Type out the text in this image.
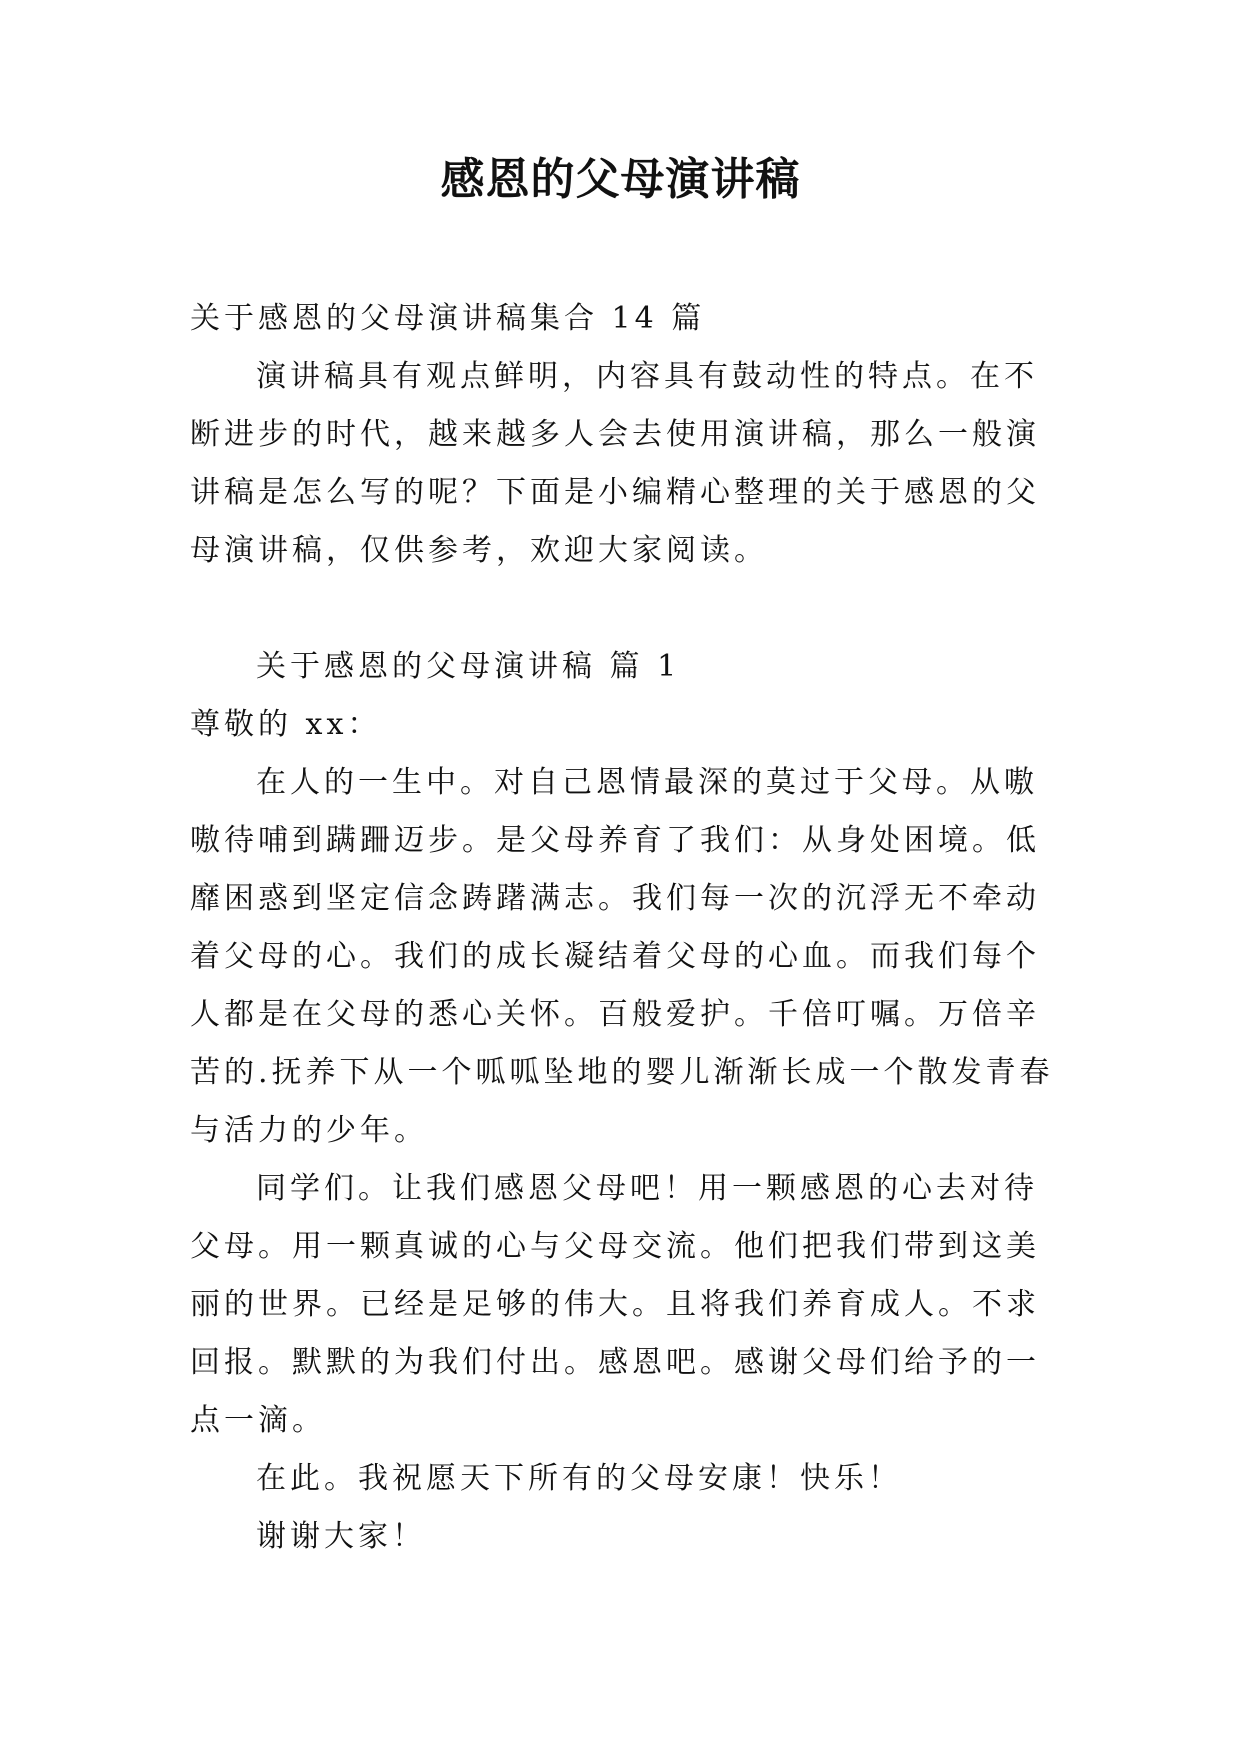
感恩的父母演讲稿

关于感恩的父母演讲稿集合 14 篇

演讲稿具有观点鲜明，内容具有鼓动性的特点。在不断进步的时代，越来越多人会去使用演讲稿，那么一般演讲稿是怎么写的呢？下面是小编精心整理的关于感恩的父母演讲稿，仅供参考，欢迎大家阅读。

关于感恩的父母演讲稿 篇 1

尊敬的 xx：

在人的一生中。对自己恩情最深的莫过于父母。从嗷嗷待哺到蹒跚迈步。是父母养育了我们：从身处困境。低靡困惑到坚定信念踌躇满志。我们每一次的沉浮无不牵动着父母的心。我们的成长凝结着父母的心血。而我们每个人都是在父母的悉心关怀。百般爱护。千倍叮嘱。万倍辛苦的.抚养下从一个呱呱坠地的婴儿渐渐长成一个散发青春与活力的少年。

同学们。让我们感恩父母吧！用一颗感恩的心去对待父母。用一颗真诚的心与父母交流。他们把我们带到这美丽的世界。已经是足够的伟大。且将我们养育成人。不求回报。默默的为我们付出。感恩吧。感谢父母们给予的一点一滴。

在此。我祝愿天下所有的父母安康！快乐！

谢谢大家！
